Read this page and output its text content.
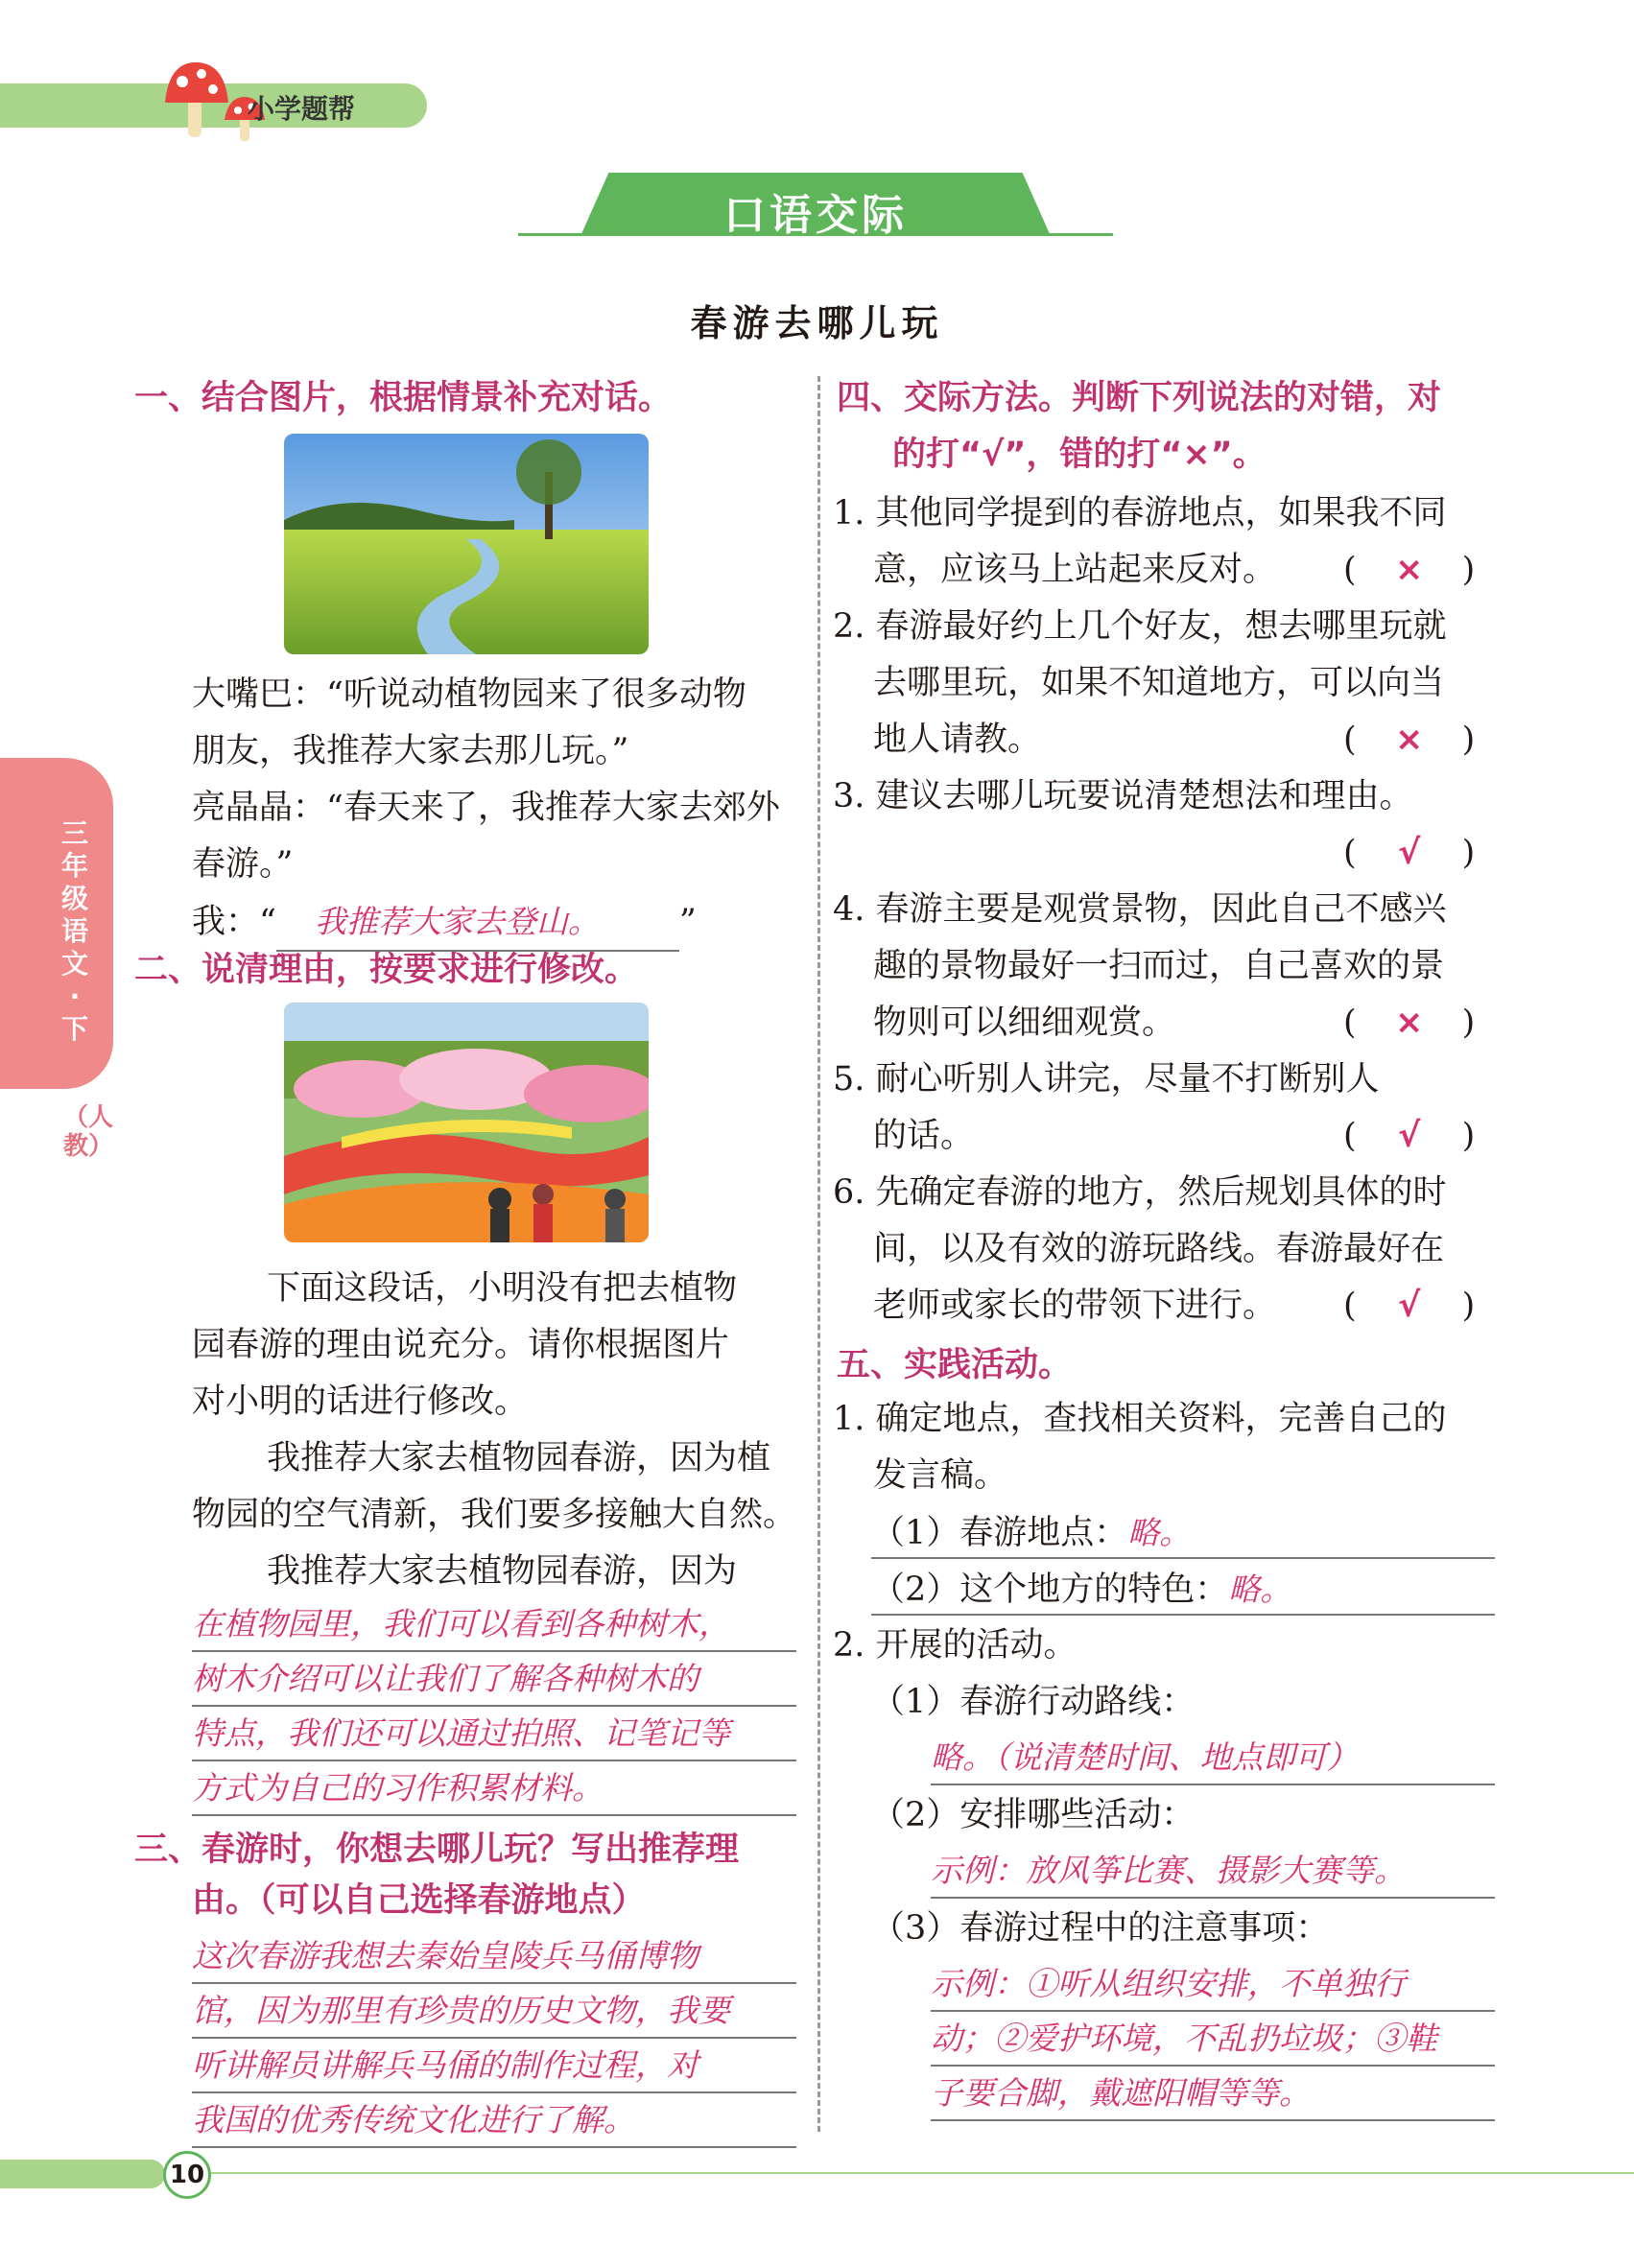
小学题帮
口语交际
春游去哪儿玩
三年级语文·下
（人教）
一、结合图片，根据情景补充对话。
大嘴巴：“听说动植物园来了很多动物
朋友，我推荐大家去那儿玩。”
亮晶晶：“春天来了，我推荐大家去郊外
春游。”
我：“ 我推荐大家去登山。 ”
二、说清理由，按要求进行修改。
下面这段话，小明没有把去植物
园春游的理由说充分。请你根据图片
对小明的话进行修改。
我推荐大家去植物园春游，因为植
物园的空气清新，我们要多接触大自然。
我推荐大家去植物园春游，因为
在植物园里，我们可以看到各种树木，
树木介绍可以让我们了解各种树木的
特点，我们还可以通过拍照、记笔记等
方式为自己的习作积累材料。
三、春游时，你想去哪儿玩？写出推荐理
由。（可以自己选择春游地点）
这次春游我想去秦始皇陵兵马俑博物
馆，因为那里有珍贵的历史文物，我要
听讲解员讲解兵马俑的制作过程，对
我国的优秀传统文化进行了解。
四、交际方法。判断下列说法的对错，对
的打“√”，错的打“×”。
1. 其他同学提到的春游地点，如果我不同
意，应该马上站起来反对。 ( × )
2. 春游最好约上几个好友，想去哪里玩就
去哪里玩，如果不知道地方，可以向当
地人请教。	( × )
3. 建议去哪儿玩要说清楚想法和理由。
( √ )
4. 春游主要是观赏景物，因此自己不感兴
趣的景物最好一扫而过，自己喜欢的景
物则可以细细观赏。	( × )
5. 耐心听别人讲完，尽量不打断别人
的话。	( √ )
6. 先确定春游的地方，然后规划具体的时
间，以及有效的游玩路线。春游最好在
老师或家长的带领下进行。 ( √ )
五、实践活动。
1. 确定地点，查找相关资料，完善自己的
发言稿。
（1）春游地点：略。
（2）这个地方的特色：略。
2. 开展的活动。
（1）春游行动路线：
略。（说清楚时间、地点即可）
（2）安排哪些活动：
示例：放风筝比赛、摄影大赛等。
（3）春游过程中的注意事项：
示例：①听从组织安排，不单独行
动；②爱护环境，不乱扔垃圾；③鞋
子要合脚，戴遮阳帽等等。
10
